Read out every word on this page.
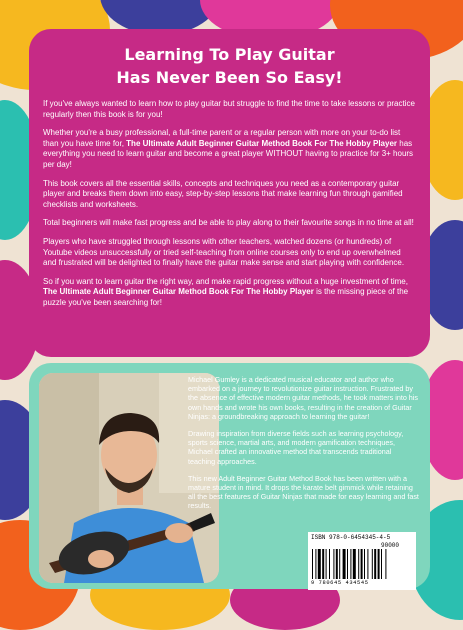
Learning To Play Guitar
Has Never Been So Easy!

If you've always wanted to learn how to play guitar but struggle to find the time to take lessons or practice regularly then this book is for you!

Whether you're a busy professional, a full-time parent or a regular person with more on your to-do list than you have time for, The Ultimate Adult Beginner Guitar Method Book For The Hobby Player has everything you need to learn guitar and become a great player WITHOUT having to practice for 3+ hours per day!

This book covers all the essential skills, concepts and techniques you need as a contemporary guitar player and breaks them down into easy, step-by-step lessons that make learning fun through gamified checklists and worksheets.

Total beginners will make fast progress and be able to play along to their favourite songs in no time at all!

Players who have struggled through lessons with other teachers, watched dozens (or hundreds) of Youtube videos unsuccessfully or tried self-teaching from online courses only to end up overwhelmed and frustrated will be delighted to finally have the guitar make sense and start playing with confidence.

So if you want to learn guitar the right way, and make rapid progress without a huge investment of time, The Ultimate Adult Beginner Guitar Method Book For The Hobby Player is the missing piece of the puzzle you've been searching for!

Michael Gumley is a dedicated musical educator and author who embarked on a journey to revolutionize guitar instruction. Frustrated by the absence of effective modern guitar methods, he took matters into his own hands and wrote his own books, resulting in the creation of Guitar Ninjas: a groundbreaking approach to learning the guitar!

Drawing inspiration from diverse fields such as learning psychology, sports science, martial arts, and modern gamification techniques, Michael crafted an innovative method that transcends traditional teaching approaches.

This new Adult Beginner Guitar Method Book has been written with a mature student in mind. It drops the karate belt gimmick while retaining all the best features of Guitar Ninjas that made for easy learning and fast results.

ISBN 978-0-6454345-4-5
90000
9 780645 434545
